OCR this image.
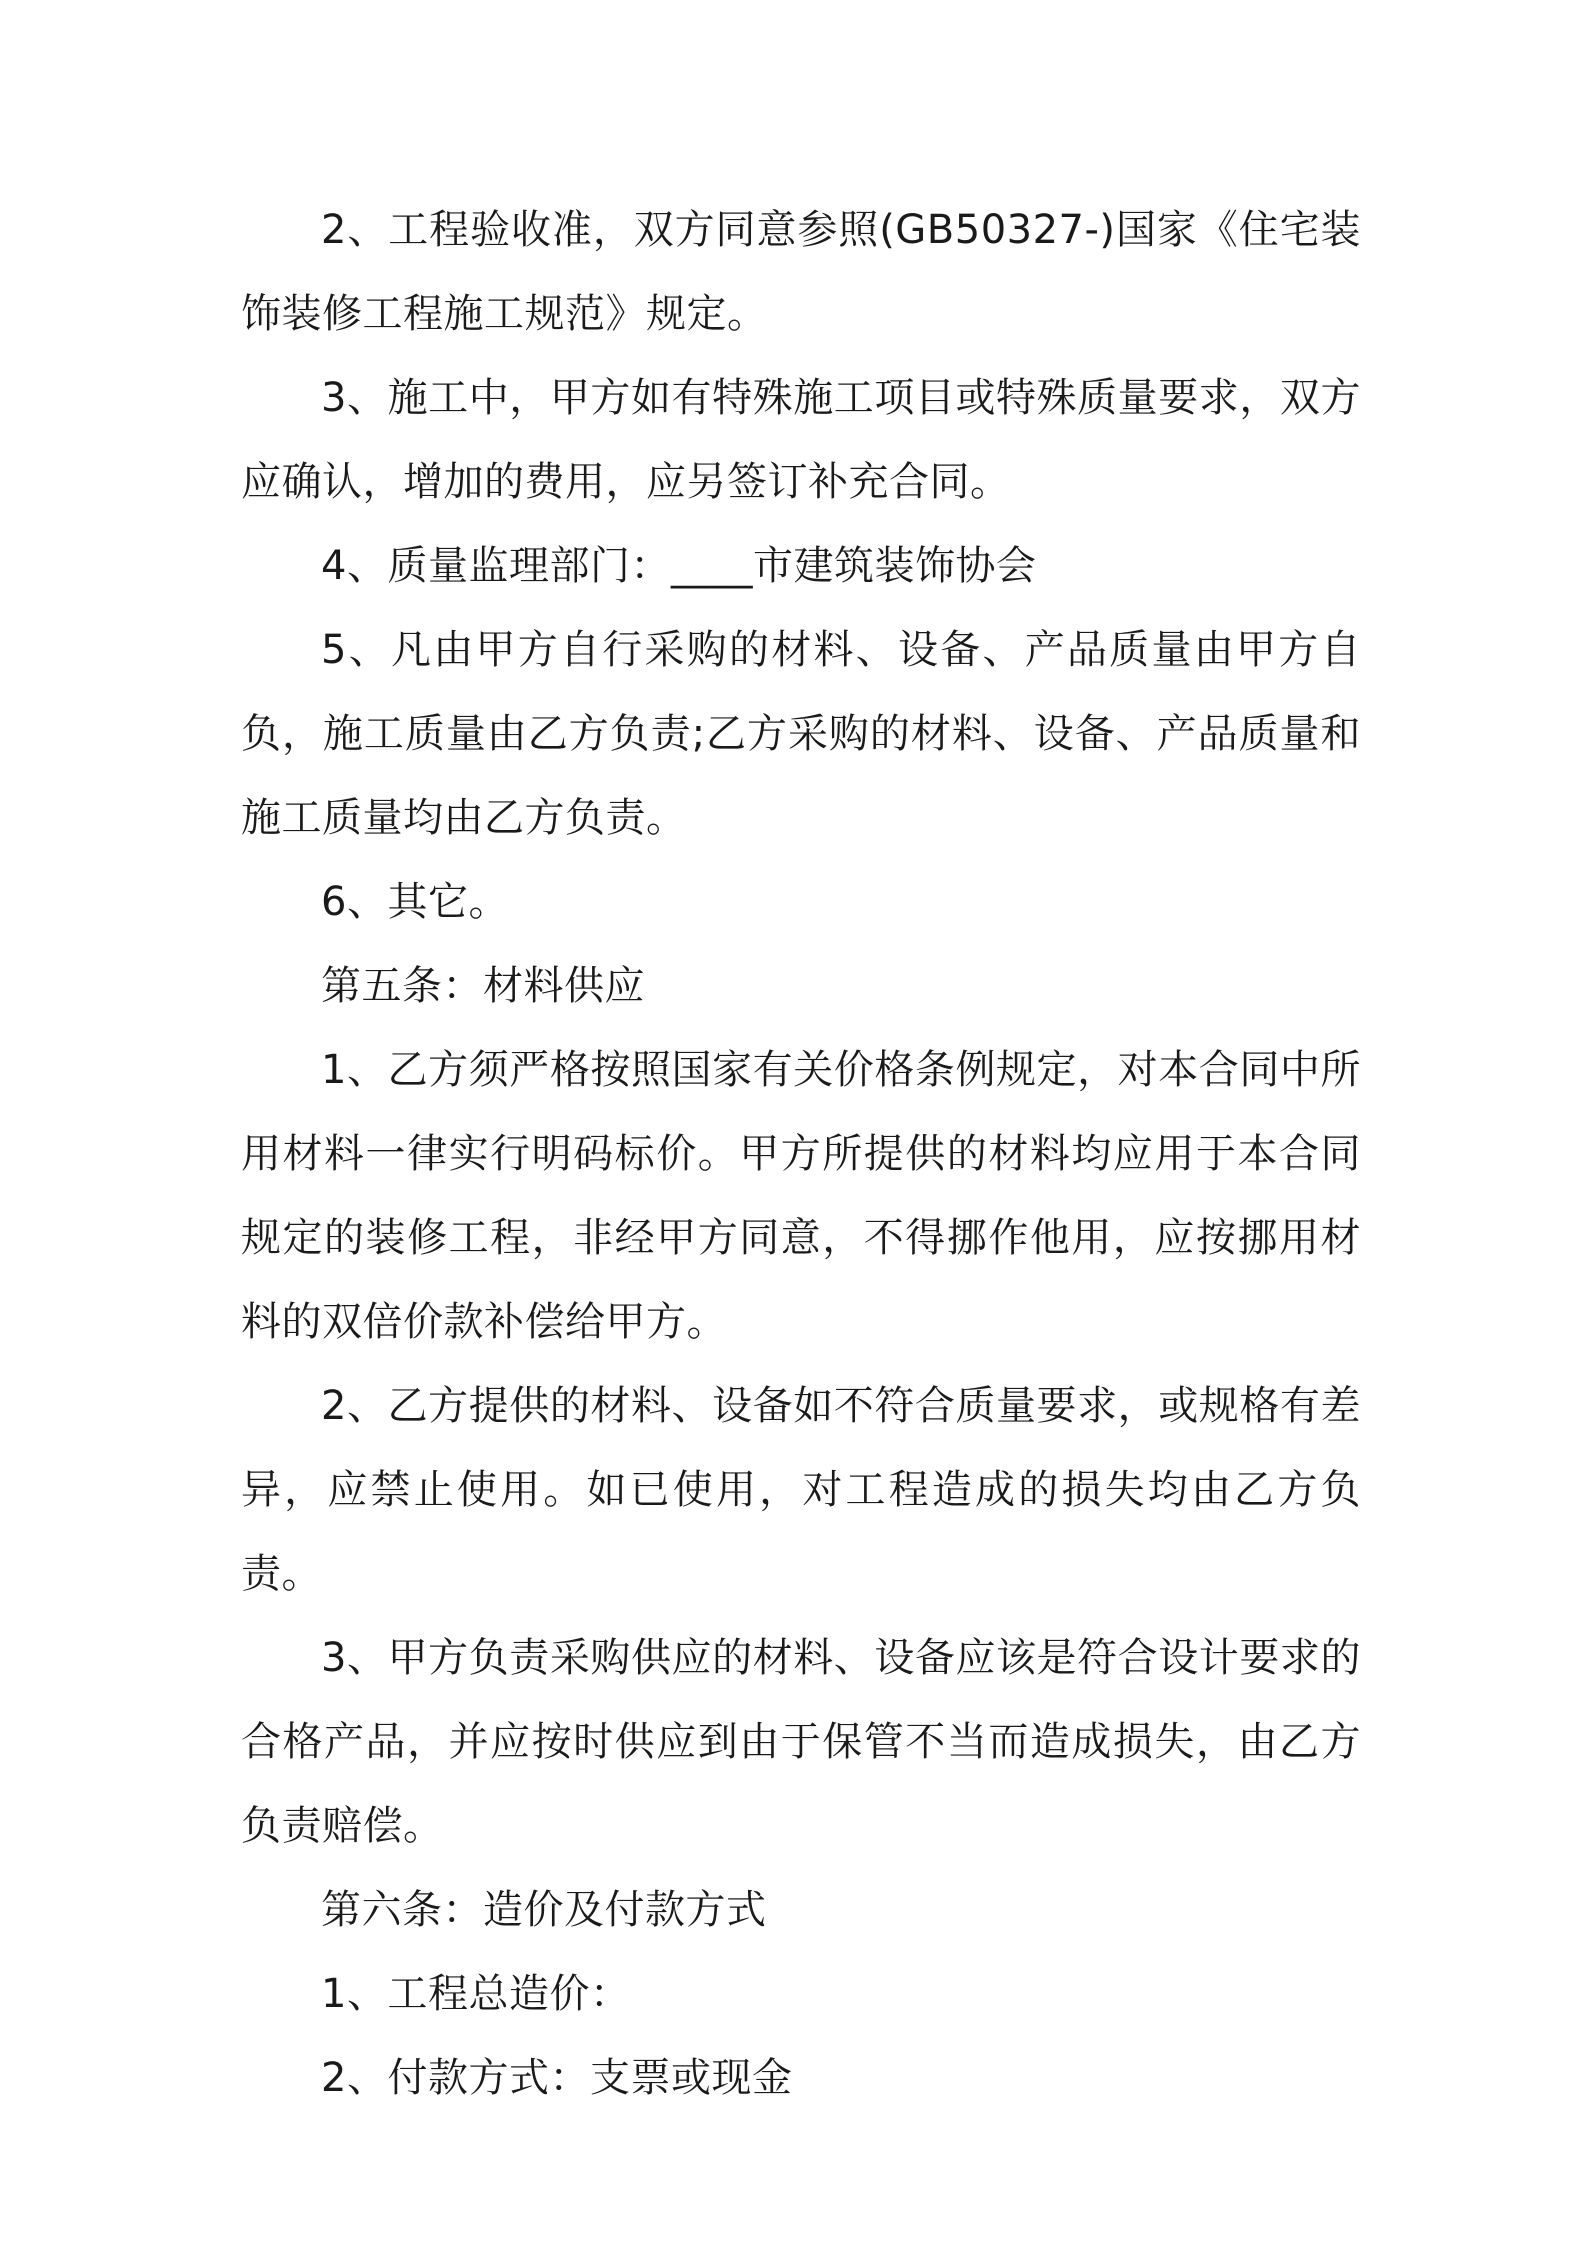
2、工程验收准，双方同意参照(GB50327-)国家《住宅装饰装修工程施工规范》规定。

3、施工中，甲方如有特殊施工项目或特殊质量要求，双方应确认，增加的费用，应另签订补充合同。

4、质量监理部门：____市建筑装饰协会

5、凡由甲方自行采购的材料、设备、产品质量由甲方自负，施工质量由乙方负责;乙方采购的材料、设备、产品质量和施工质量均由乙方负责。

6、其它。

第五条：材料供应

1、乙方须严格按照国家有关价格条例规定，对本合同中所用材料一律实行明码标价。甲方所提供的材料均应用于本合同规定的装修工程，非经甲方同意，不得挪作他用，应按挪用材料的双倍价款补偿给甲方。

2、乙方提供的材料、设备如不符合质量要求，或规格有差异，应禁止使用。如已使用，对工程造成的损失均由乙方负责。

3、甲方负责采购供应的材料、设备应该是符合设计要求的合格产品，并应按时供应到由于保管不当而造成损失，由乙方负责赔偿。

第六条：造价及付款方式

1、工程总造价：

2、付款方式：支票或现金
